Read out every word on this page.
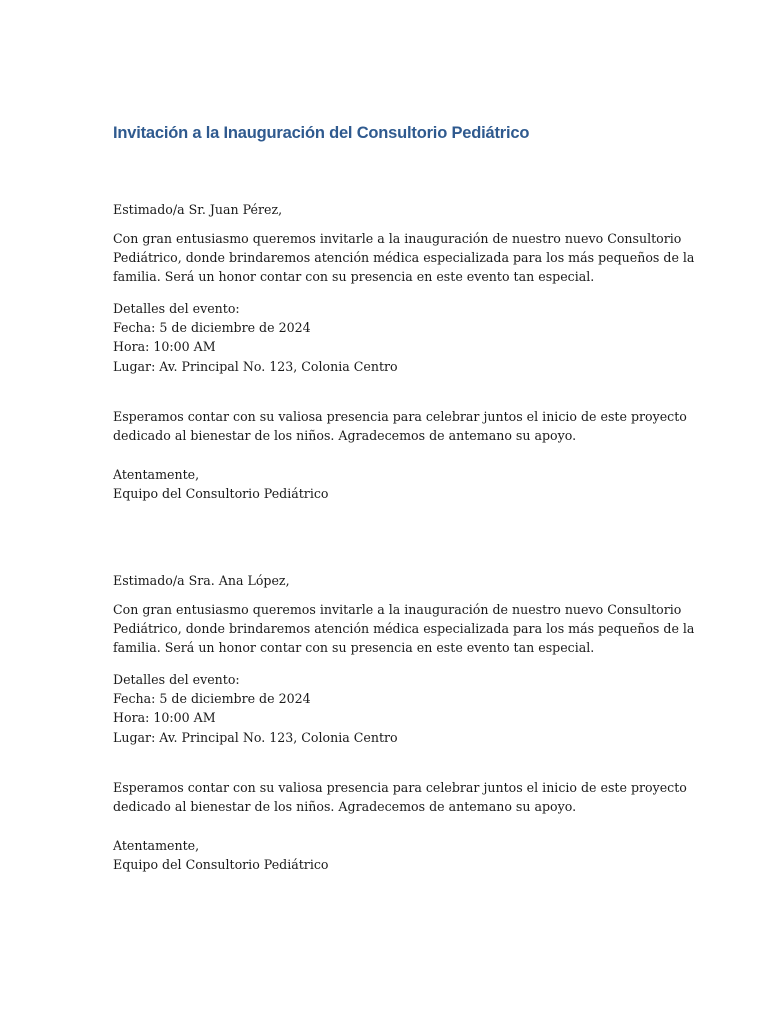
Invitación a la Inauguración del Consultorio Pediátrico

Estimado/a Sr. Juan Pérez,

Con gran entusiasmo queremos invitarle a la inauguración de nuestro nuevo Consultorio

Pediátrico, donde brindaremos atención médica especializada para los más pequeños de la

familia. Será un honor contar con su presencia en este evento tan especial.

Detalles del evento:

Fecha: 5 de diciembre de 2024

Hora: 10:00 AM

Lugar: Av. Principal No. 123, Colonia Centro

Esperamos contar con su valiosa presencia para celebrar juntos el inicio de este proyecto

dedicado al bienestar de los niños. Agradecemos de antemano su apoyo.

Atentamente,

Equipo del Consultorio Pediátrico

Estimado/a Sra. Ana López,

Con gran entusiasmo queremos invitarle a la inauguración de nuestro nuevo Consultorio

Pediátrico, donde brindaremos atención médica especializada para los más pequeños de la

familia. Será un honor contar con su presencia en este evento tan especial.

Detalles del evento:

Fecha: 5 de diciembre de 2024

Hora: 10:00 AM

Lugar: Av. Principal No. 123, Colonia Centro

Esperamos contar con su valiosa presencia para celebrar juntos el inicio de este proyecto

dedicado al bienestar de los niños. Agradecemos de antemano su apoyo.

Atentamente,

Equipo del Consultorio Pediátrico
